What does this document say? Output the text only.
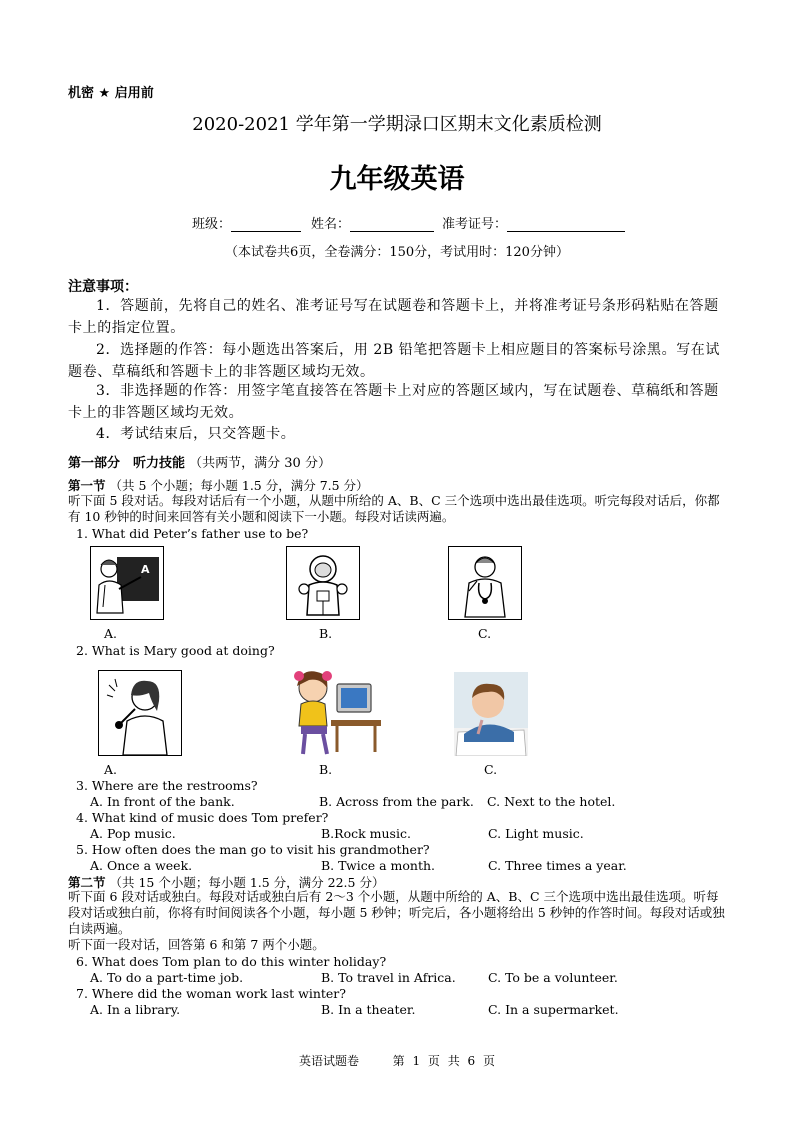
机密 ★ 启用前
2020-2021 学年第一学期渌口区期末文化素质检测
九年级英语
班级：	姓名：	准考证号：
（本试卷共6页，全卷满分：150分，考试用时：120分钟）
注意事项：
1．答题前，先将自己的姓名、准考证号写在试题卷和答题卡上，并将准考证号条形码粘贴在答题卡上的指定位置。
2．选择题的作答：每小题选出答案后，用 2B 铅笔把答题卡上相应题目的答案标号涂黑。写在试题卷、草稿纸和答题卡上的非答题区域均无效。
3．非选择题的作答：用签字笔直接答在答题卡上对应的答题区域内，写在试题卷、草稿纸和答题卡上的非答题区域均无效。
4．考试结束后，只交答题卡。
第一部分　听力技能 （共两节，满分 30 分）
第一节 （共 5 个小题；每小题 1.5 分，满分 7.5 分）
听下面 5 段对话。每段对话后有一个小题，从题中所给的 A、B、C 三个选项中选出最佳选项。听完每段对话后，你都有 10 秒钟的时间来回答有关小题和阅读下一小题。每段对话读两遍。
1. What did Peter’s father use to be?
A
A.	B.	C.
2. What is Mary good at doing?
A.	B.	C.
3. Where are the restrooms?
A. In front of the bank.	B. Across from the park. C. Next to the hotel.
4. What kind of music does Tom prefer?
A. Pop music.	B.Rock music.	C. Light music.
5. How often does the man go to visit his grandmother?
A. Once a week.	B. Twice a month.	C. Three times a year.
第二节 （共 15 个小题；每小题 1.5 分，满分 22.5 分）
听下面 6 段对话或独白。每段对话或独白后有 2～3 个小题，从题中所给的 A、B、C 三个选项中选出最佳选项。听每段对话或独白前，你将有时间阅读各个小题，每小题 5 秒钟；听完后，各小题将给出 5 秒钟的作答时间。每段对话或独白读两遍。
听下面一段对话，回答第 6 和第 7 两个小题。
6. What does Tom plan to do this winter holiday?
A. To do a part-time job.	B. To travel in Africa.	C. To be a volunteer.
7. Where did the woman work last winter?
A. In a library.	B. In a theater.	C. In a supermarket.
英语试题卷	第 1 页 共 6 页
